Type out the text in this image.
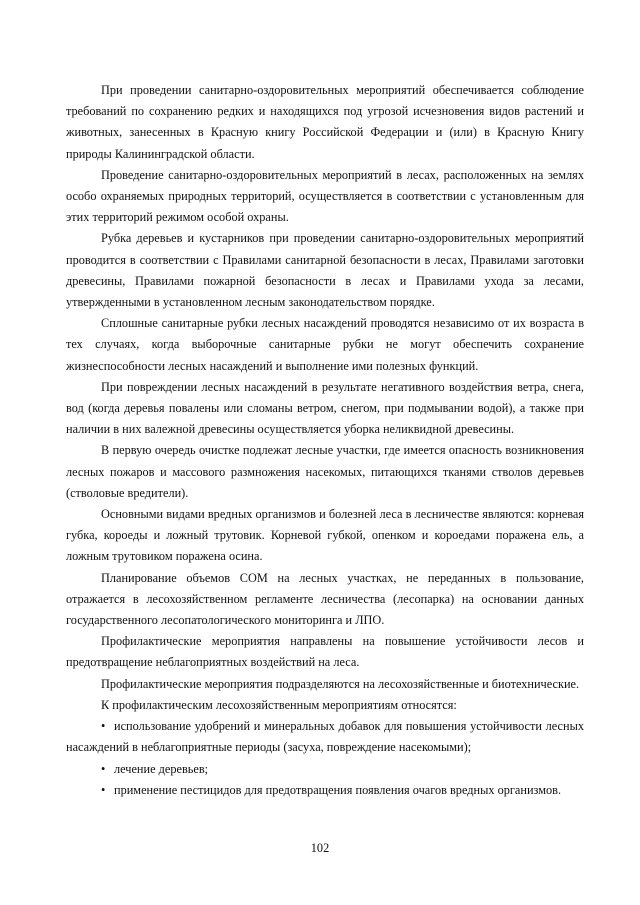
При проведении санитарно-оздоровительных мероприятий обеспечивается соблюдение требований по сохранению редких и находящихся под угрозой исчезновения видов растений и животных, занесенных в Красную книгу Российской Федерации и (или) в Красную Книгу природы Калининградской области.

Проведение санитарно-оздоровительных мероприятий в лесах, расположенных на землях особо охраняемых природных территорий, осуществляется в соответствии с установленным для этих территорий режимом особой охраны.

Рубка деревьев и кустарников при проведении санитарно-оздоровительных мероприятий проводится в соответствии с Правилами санитарной безопасности в лесах, Правилами заготовки древесины, Правилами пожарной безопасности в лесах и Правилами ухода за лесами, утвержденными в установленном лесным законодательством порядке.

Сплошные санитарные рубки лесных насаждений проводятся независимо от их возраста в тех случаях, когда выборочные санитарные рубки не могут обеспечить сохранение жизнеспособности лесных насаждений и выполнение ими полезных функций.

При повреждении лесных насаждений в результате негативного воздействия ветра, снега, вод (когда деревья повалены или сломаны ветром, снегом, при подмывании водой), а также при наличии в них валежной древесины осуществляется уборка неликвидной древесины.

В первую очередь очистке подлежат лесные участки, где имеется опасность возникновения лесных пожаров и массового размножения насекомых, питающихся тканями стволов деревьев (стволовые вредители).

Основными видами вредных организмов и болезней леса в лесничестве являются: корневая губка, короеды и ложный трутовик. Корневой губкой, опенком и короедами поражена ель, а ложным трутовиком поражена осина.

Планирование объемов СОМ на лесных участках, не переданных в пользование, отражается в лесохозяйственном регламенте лесничества (лесопарка) на основании данных государственного лесопатологического мониторинга и ЛПО.

Профилактические мероприятия направлены на повышение устойчивости лесов и предотвращение неблагоприятных воздействий на леса.

Профилактические мероприятия подразделяются на лесохозяйственные и биотехнические.

К профилактическим лесохозяйственным мероприятиям относятся:

• использование удобрений и минеральных добавок для повышения устойчивости лесных насаждений в неблагоприятные периоды (засуха, повреждение насекомыми);

• лечение деревьев;

• применение пестицидов для предотвращения появления очагов вредных организмов.

102
